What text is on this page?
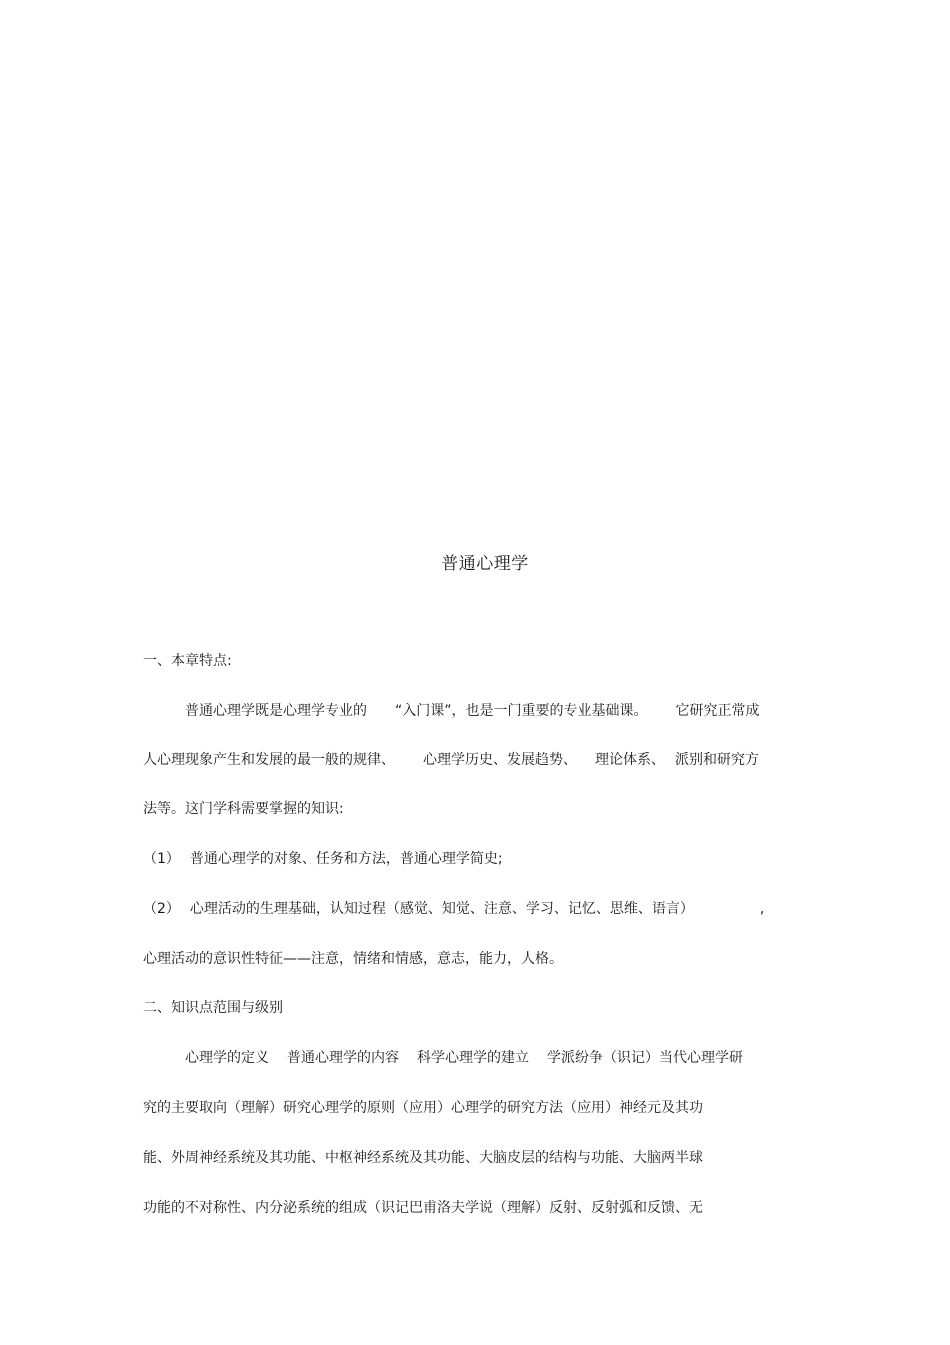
普通心理学
一、本章特点:
普通心理学既是心理学专业的 “入门课”，也是一门重要的专业基础课。 它研究正常成
人心理现象产生和发展的最一般的规律、 心理学历史、发展趋势、 理论体系、 派别和研究方
法等。这门学科需要掌握的知识:
（1） 普通心理学的对象、任务和方法，普通心理学简史;
（2） 心理活动的生理基础，认知过程（感觉、知觉、注意、学习、记忆、思维、语言）	,
心理活动的意识性特征——注意，情绪和情感，意志，能力，人格。
二、知识点范围与级别
心理学的定义 普通心理学的内容 科学心理学的建立 学派纷争（识记）当代心理学研
究的主要取向（理解）研究心理学的原则（应用）心理学的研究方法（应用）神经元及其功
能、外周神经系统及其功能、中枢神经系统及其功能、大脑皮层的结构与功能、大脑两半球
功能的不对称性、内分泌系统的组成（识记巴甫洛夫学说（理解）反射、反射弧和反馈、无
